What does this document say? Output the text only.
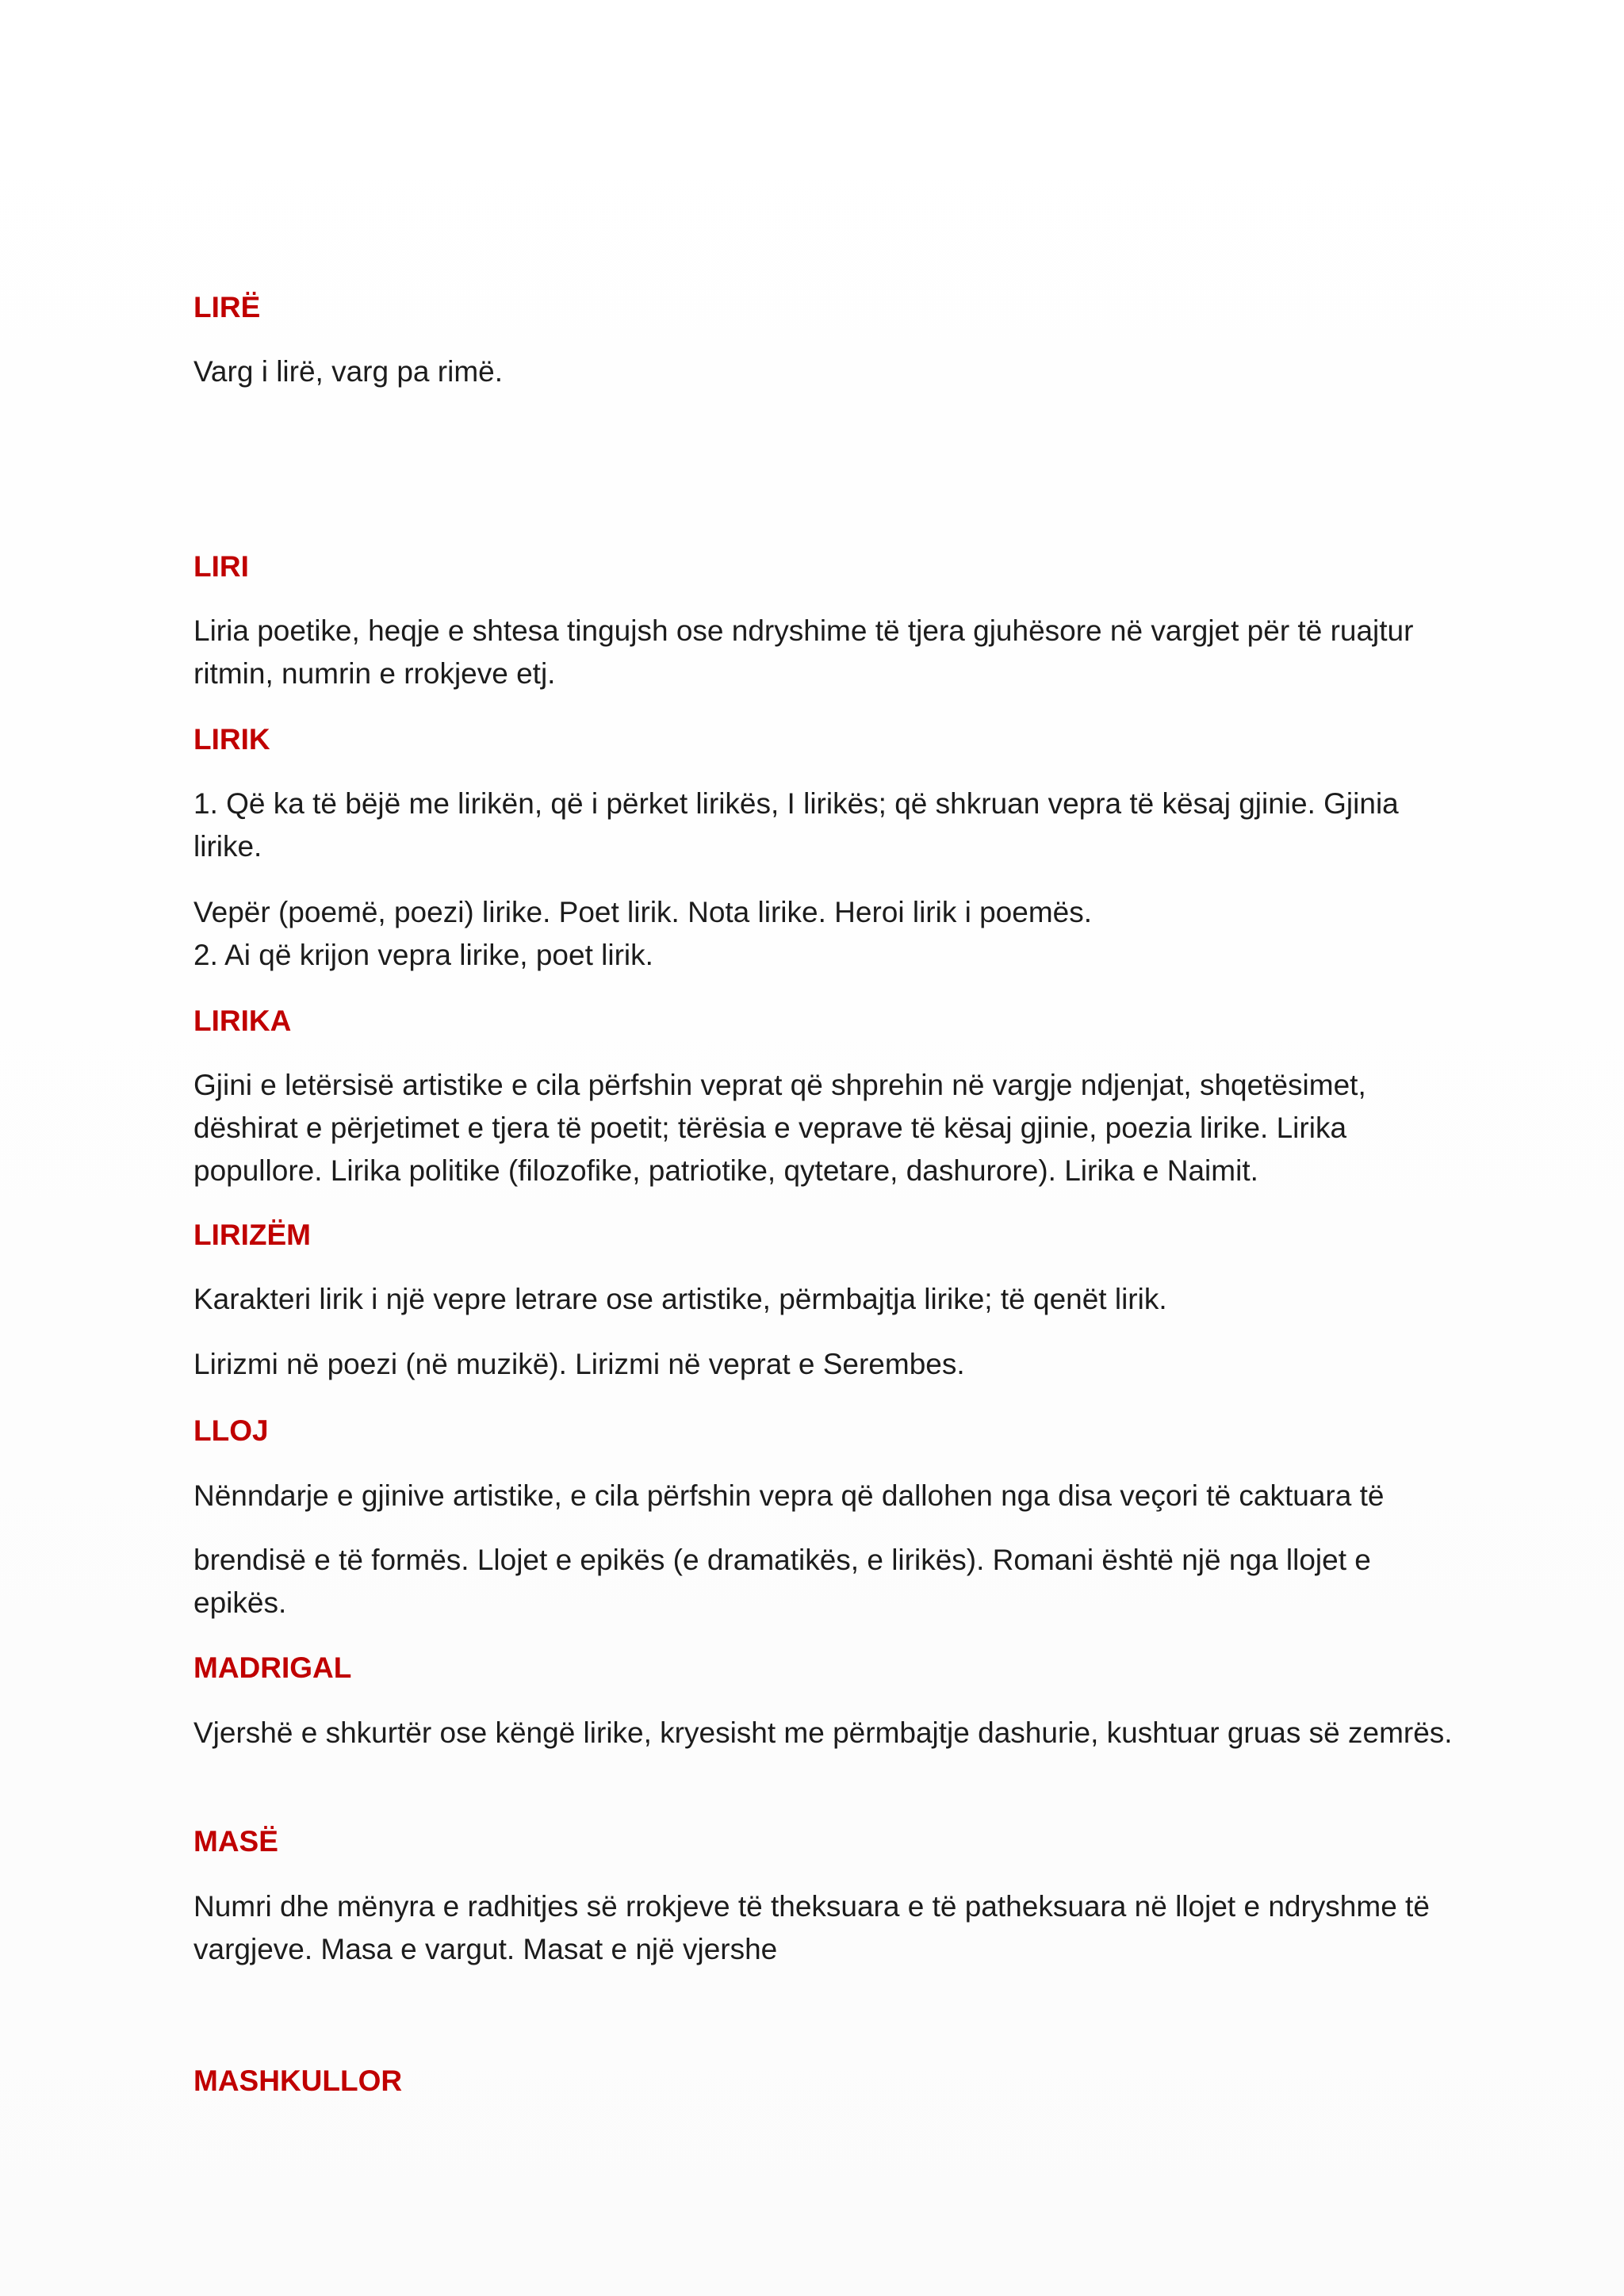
LIRË
Varg i lirë, varg pa rimë.
LIRI
Liria poetike, heqje e shtesa tingujsh ose ndryshime të tjera gjuhësore në vargjet për të ruajtur ritmin, numrin e rrokjeve etj.
LIRIK
1. Që ka të bëjë me lirikën, që i përket lirikës, I lirikës; që shkruan vepra të kësaj gjinie. Gjinia lirike.
Vepër (poemë, poezi) lirike. Poet lirik. Nota lirike. Heroi lirik i poemës.
2. Ai që krijon vepra lirike, poet lirik.
LIRIKA
Gjini e letërsisë artistike e cila përfshin veprat që shprehin në vargje ndjenjat, shqetësimet, dëshirat e përjetimet e tjera të poetit; tërësia e veprave të kësaj gjinie, poezia lirike. Lirika popullore. Lirika politike (filozofike, patriotike, qytetare, dashurore). Lirika e Naimit.
LIRIZËM
Karakteri lirik i një vepre letrare ose artistike, përmbajtja lirike; të qenët lirik.
Lirizmi në poezi (në muzikë). Lirizmi në veprat e Serembes.
LLOJ
Nënndarje e gjinive artistike, e cila përfshin vepra që dallohen nga disa veçori të caktuara të
brendisë e të formës. Llojet e epikës (e dramatikës, e lirikës). Romani është një nga llojet e epikës.
MADRIGAL
Vjershë e shkurtër ose këngë lirike, kryesisht me përmbajtje dashurie, kushtuar gruas së zemrës.
MASË
Numri dhe mënyra e radhitjes së rrokjeve të theksuara e të patheksuara në llojet e ndryshme të vargjeve. Masa e vargut. Masat e një vjershe
MASHKULLOR
